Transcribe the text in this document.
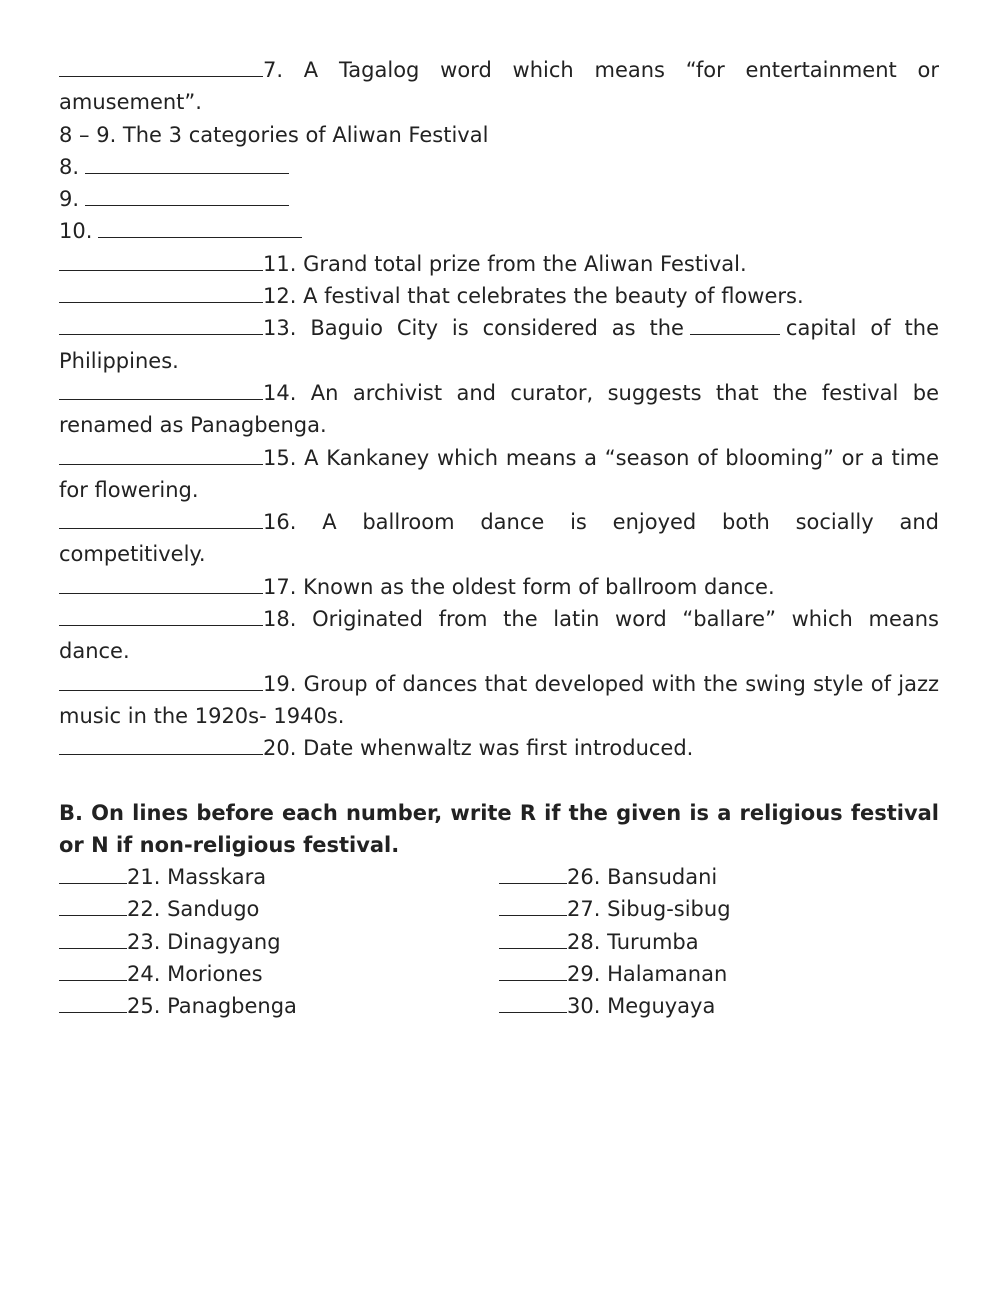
7. A Tagalog word which means “for entertainment or amusement”.
8 – 9. The 3 categories of Aliwan Festival
8.
9.
10.
11. Grand total prize from the Aliwan Festival.
12. A festival that celebrates the beauty of flowers.
13. Baguio City is considered as the	capital of the Philippines.
14. An archivist and curator, suggests that the festival be renamed as Panagbenga.
15. A Kankaney which means a “season of blooming” or a time for flowering.
16. A ballroom dance is enjoyed both socially and competitively.
17. Known as the oldest form of ballroom dance.
18. Originated from the latin word “ballare” which means dance.
19. Group of dances that developed with the swing style of jazz music in the 1920s- 1940s.
20. Date whenwaltz was first introduced.
B. On lines before each number, write R if the given is a religious festival or N if non-religious festival.
21. Masskara
22. Sandugo
23. Dinagyang
24. Moriones
25. Panagbenga
26. Bansudani
27. Sibug-sibug
28. Turumba
29. Halamanan
30. Meguyaya
